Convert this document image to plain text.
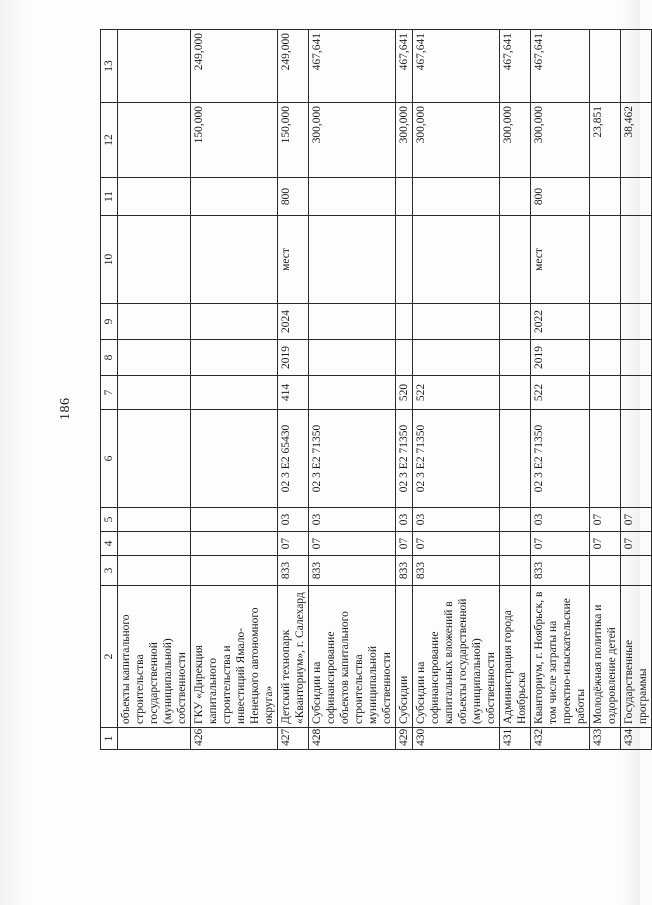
186
1	2	3	4	5	6	7	8	9	10	11	12	13
	объекты капитального строительства государственной (муниципальной) собственности											
426	ГКУ «Дирекция капитального строительства и инвестиций Ямало-Ненецкого автономного округа»										150,000	249,000
427	Детский технопарк «Кванториум», г. Салехард	833	07	03	02 3 E2 65430	414	2019	2024	мест	800	150,000	249,000
428	Субсидии на софинансирование объектов капитального строительства муниципальной собственности	833	07	03	02 3 E2 71350						300,000	467,641
429	Субсидии	833	07	03	02 3 E2 71350	520					300,000	467,641
430	Субсидии на софинансирование капитальных вложений в объекты государственной (муниципальной) собственности	833	07	03	02 3 E2 71350	522					300,000	467,641
431	Администрация города Ноябрьска										300,000	467,641
432	Кванториум, г. Ноябрьск, в том числе затраты на проектно-изыскательские работы	833	07	03	02 3 E2 71350	522	2019	2022	мест	800	300,000	467,641
433	Молодёжная политика и оздоровление детей		07	07							23,851	
434	Государственные программы		07	07							38,462	
